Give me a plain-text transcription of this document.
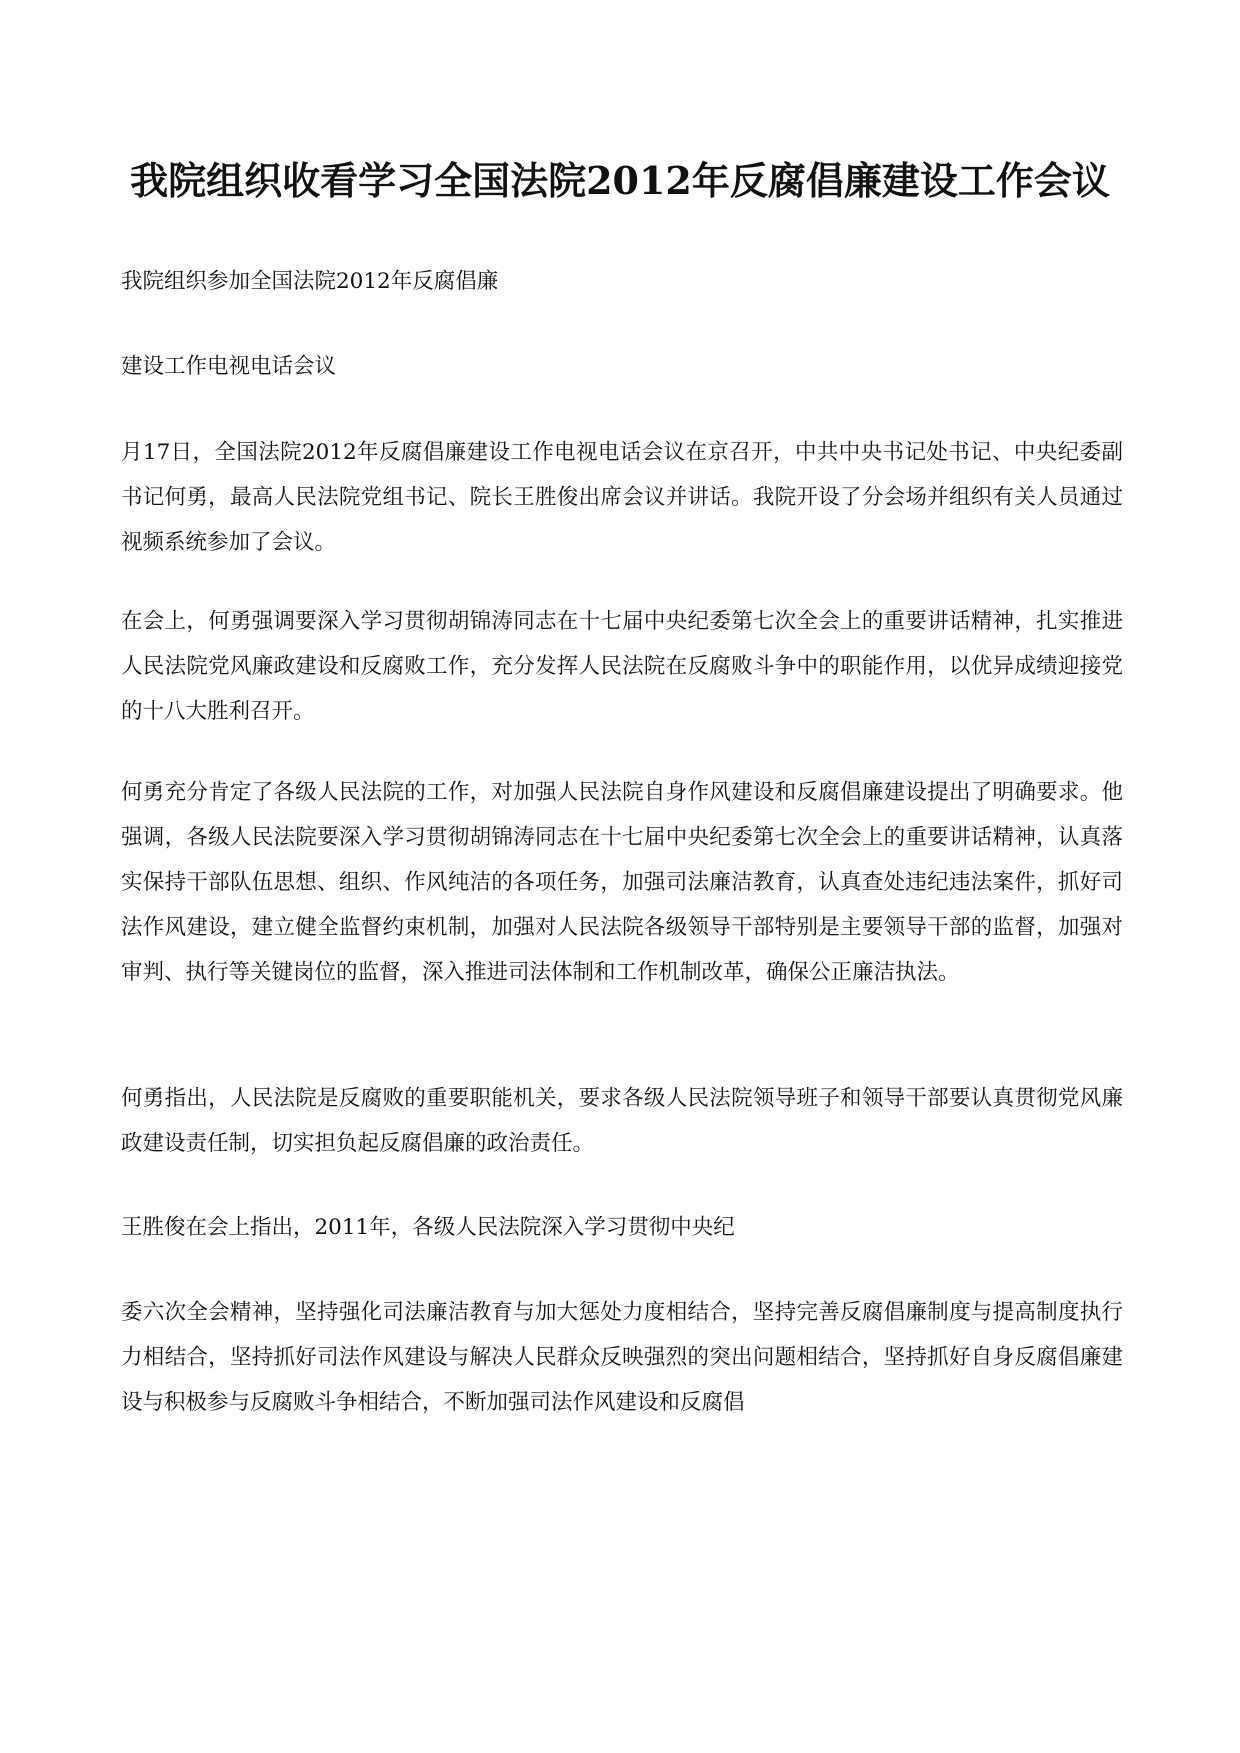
我院组织收看学习全国法院2012年反腐倡廉建设工作会议

我院组织参加全国法院2012年反腐倡廉

建设工作电视电话会议

月17日，全国法院2012年反腐倡廉建设工作电视电话会议在京召开，中共中央书记处书记、中央纪委副书记何勇，最高人民法院党组书记、院长王胜俊出席会议并讲话。我院开设了分会场并组织有关人员通过视频系统参加了会议。

在会上，何勇强调要深入学习贯彻胡锦涛同志在十七届中央纪委第七次全会上的重要讲话精神，扎实推进人民法院党风廉政建设和反腐败工作，充分发挥人民法院在反腐败斗争中的职能作用，以优异成绩迎接党的十八大胜利召开。

何勇充分肯定了各级人民法院的工作，对加强人民法院自身作风建设和反腐倡廉建设提出了明确要求。他强调，各级人民法院要深入学习贯彻胡锦涛同志在十七届中央纪委第七次全会上的重要讲话精神，认真落实保持干部队伍思想、组织、作风纯洁的各项任务，加强司法廉洁教育，认真查处违纪违法案件，抓好司法作风建设，建立健全监督约束机制，加强对人民法院各级领导干部特别是主要领导干部的监督，加强对审判、执行等关键岗位的监督，深入推进司法体制和工作机制改革，确保公正廉洁执法。

何勇指出，人民法院是反腐败的重要职能机关，要求各级人民法院领导班子和领导干部要认真贯彻党风廉政建设责任制，切实担负起反腐倡廉的政治责任。

王胜俊在会上指出，2011年，各级人民法院深入学习贯彻中央纪

委六次全会精神，坚持强化司法廉洁教育与加大惩处力度相结合，坚持完善反腐倡廉制度与提高制度执行力相结合，坚持抓好司法作风建设与解决人民群众反映强烈的突出问题相结合，坚持抓好自身反腐倡廉建设与积极参与反腐败斗争相结合，不断加强司法作风建设和反腐倡
